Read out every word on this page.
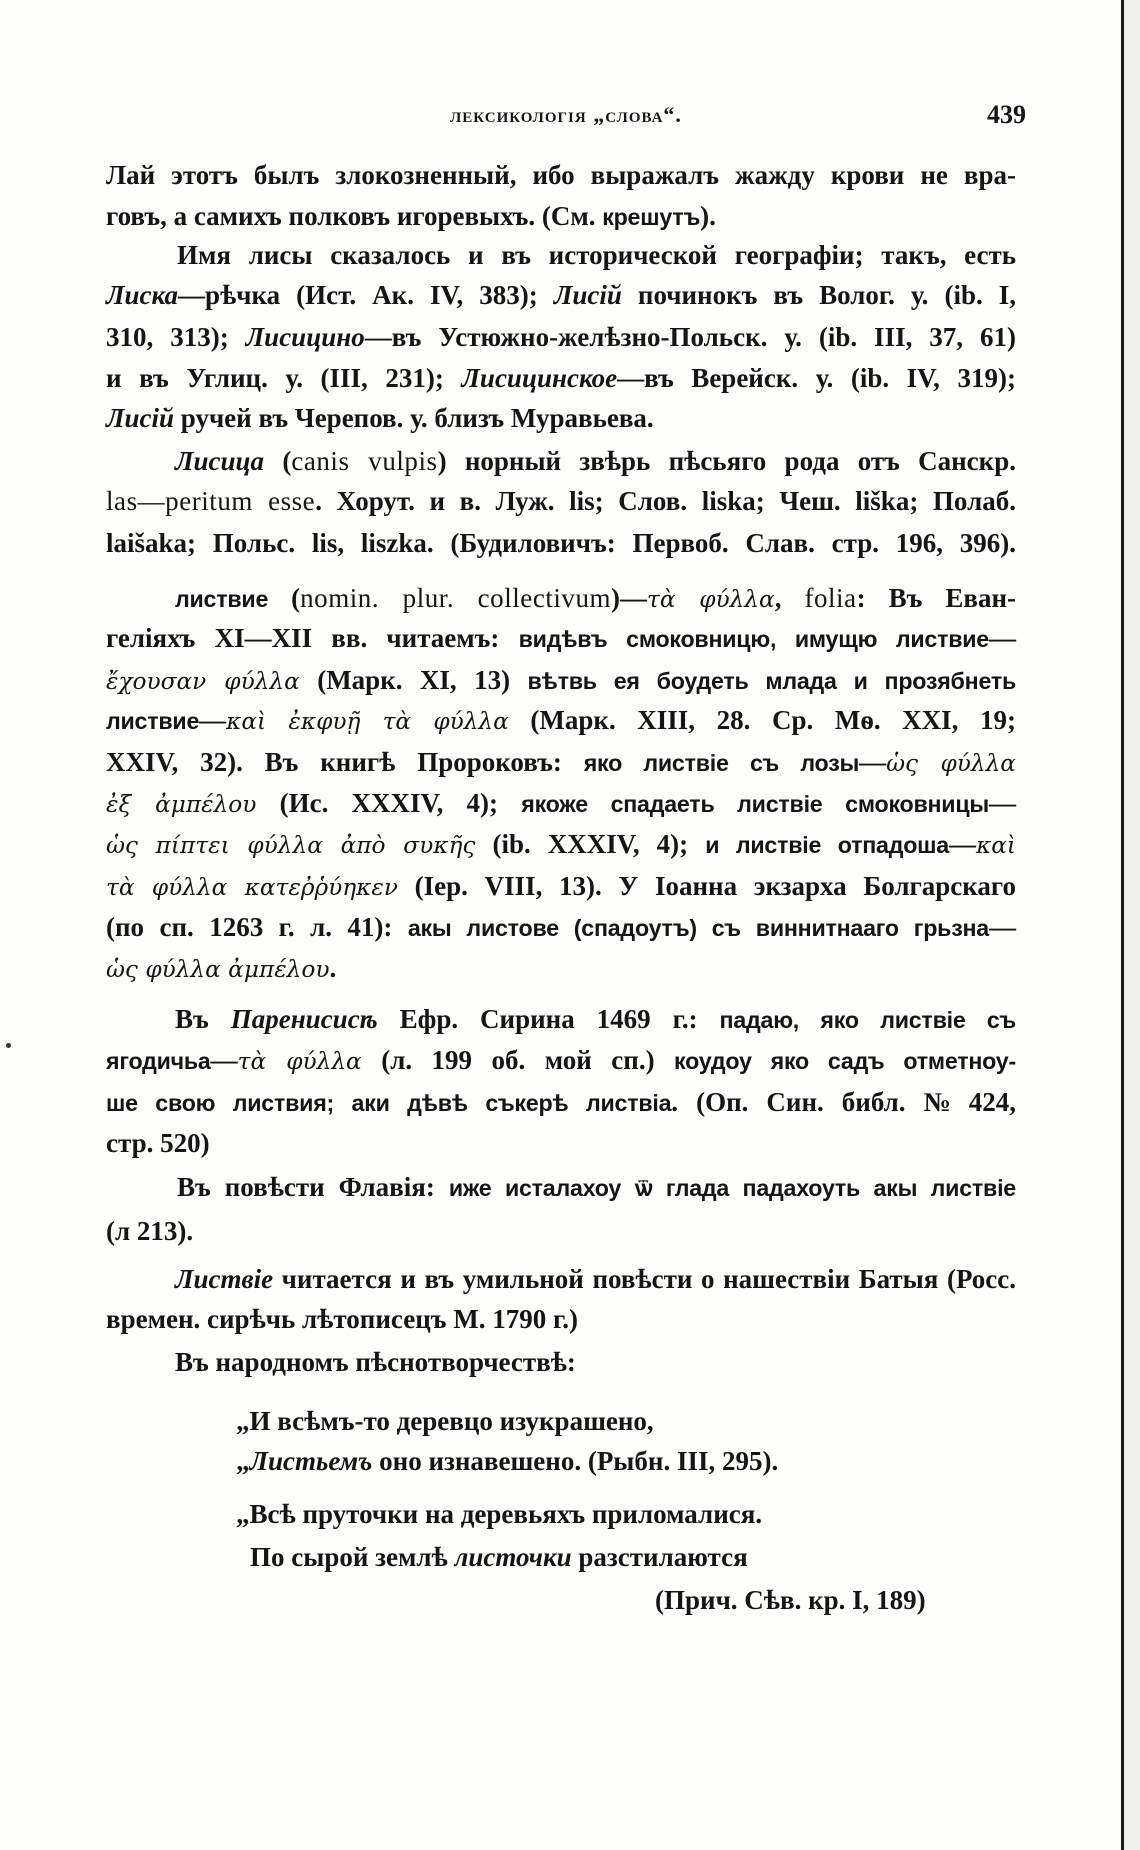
лексикологія „слова“.	439
Лай этотъ былъ злокозненный, ибо выражалъ жажду крови не вра-
говъ, а самихъ полковъ игоревыхъ. (См. крешутъ).
Имя лисы сказалось и въ исторической географіи; такъ, есть
Лиска—рѣчка (Ист. Ак. IV, 383); Лисій починокъ въ Волог. у. (ib. I,
310, 313); Лисицино—въ Устюжно-желѣзно-Польск. у. (ib. III, 37, 61)
и въ Углиц. у. (III, 231); Лисицинское—въ Верейск. у. (ib. IV, 319);
Лисій ручей въ Черепов. у. близъ Муравьева.
Лисица (canis vulpis) норный звѣрь пѣсьяго рода отъ Санскр.
las—peritum esse. Хорут. и в. Луж. lis; Слов. liska; Чеш. liška; Полаб.
laišaka; Польс. lis, liszka. (Будиловичъ: Первоб. Слав. стр. 196, 396).
листвие (nomin. plur. collectivum)—τὰ φύλλα, folia: Въ Еван-
геліяхъ XI—XII вв. читаемъ: видѣвъ смоковницю, имущю листвие—
ἔχουσαν φύλλα (Марк. XI, 13) вѣтвь ея боудеть млада и прозябнеть
листвие—καὶ ἐκφυῇ τὰ φύλλα (Марк. XIII, 28. Ср. Мѳ. XXI, 19;
XXIV, 32). Въ книгѣ Пророковъ: яко листвіе съ лозы—ὡς φύλλα
ἐξ ἀμπέλου (Ис. XXXIV, 4); якоже спадаеть листвіе смоковницы—
ὡς πίπτει φύλλα ἀπὸ συκῆς (ib. XXXIV, 4); и листвіе отпадоша—καὶ
τὰ φύλλα κατεῤῥύηκεν (Іер. VIII, 13). У Іоанна экзарха Болгарскаго
(по сп. 1263 г. л. 41): акы листове (спадоутъ) съ виннитнааго грьзна—
ὡς φύλλα ἀμπέλου.
Въ Паренисисѣ Ефр. Сирина 1469 г.: падаю, яко листвіе съ
ягодичьа—τὰ φύλλα (л. 199 об. мой сп.) коудоу яко садъ отметноу-
ше свою листвия; аки дѣвѣ съкерѣ листвіа. (Оп. Син. библ. № 424,
стр. 520)
Въ повѣсти Флавія: иже исталахоу ѿ глада падахоуть акы листвіе
(л 213).
Листвіе читается и въ умильной повѣсти о нашествіи Батыя (Росс.
времен. сирѣчь лѣтописецъ М. 1790 г.)
Въ народномъ пѣснотворчествѣ:
„И всѣмъ-то деревцо изукрашено,
„Листьемъ оно изнавешено. (Рыбн. III, 295).
„Всѣ пруточки на деревьяхъ приломалися.
По сырой землѣ листочки разстилаются
(Прич. Сѣв. кр. I, 189)
